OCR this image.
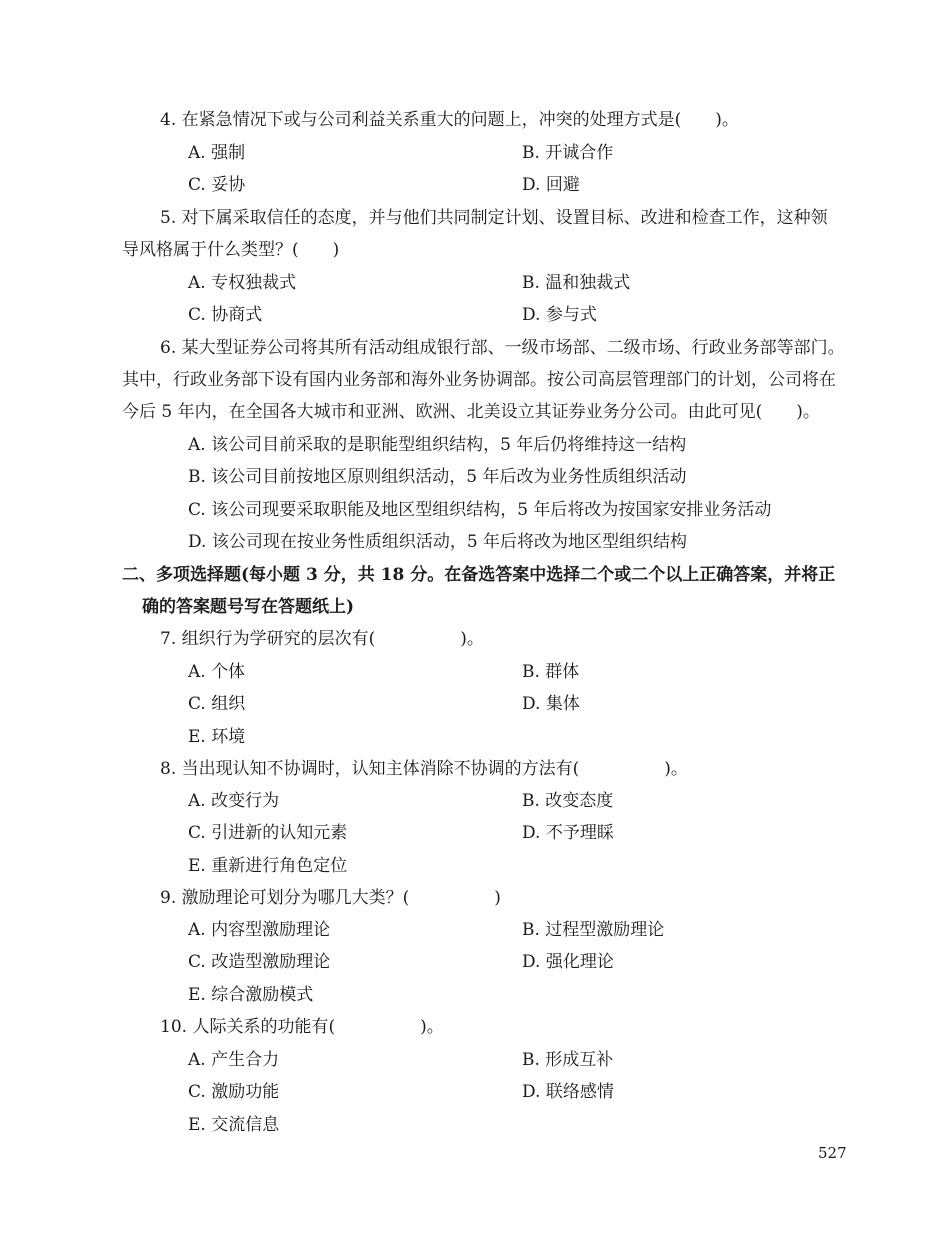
4. 在紧急情况下或与公司利益关系重大的问题上，冲突的处理方式是(　　)。
A. 强制	B. 开诚合作
C. 妥协	D. 回避
5. 对下属采取信任的态度，并与他们共同制定计划、设置目标、改进和检查工作，这种领
导风格属于什么类型？(　　)
A. 专权独裁式	B. 温和独裁式
C. 协商式	D. 参与式
6. 某大型证券公司将其所有活动组成银行部、一级市场部、二级市场、行政业务部等部门。
其中，行政业务部下设有国内业务部和海外业务协调部。按公司高层管理部门的计划，公司将在
今后 5 年内，在全国各大城市和亚洲、欧洲、北美设立其证券业务分公司。由此可见(　　)。
A. 该公司目前采取的是职能型组织结构，5 年后仍将维持这一结构
B. 该公司目前按地区原则组织活动，5 年后改为业务性质组织活动
C. 该公司现要采取职能及地区型组织结构，5 年后将改为按国家安排业务活动
D. 该公司现在按业务性质组织活动，5 年后将改为地区型组织结构
二、多项选择题(每小题 3 分，共 18 分。在备选答案中选择二个或二个以上正确答案，并将正
确的答案题号写在答题纸上)
7. 组织行为学研究的层次有(　　　　　)。
A. 个体	B. 群体
C. 组织	D. 集体
E. 环境
8. 当出现认知不协调时，认知主体消除不协调的方法有(　　　　　)。
A. 改变行为	B. 改变态度
C. 引进新的认知元素	D. 不予理睬
E. 重新进行角色定位
9. 激励理论可划分为哪几大类？(　　　　　)
A. 内容型激励理论	B. 过程型激励理论
C. 改造型激励理论	D. 强化理论
E. 综合激励模式
10. 人际关系的功能有(　　　　　)。
A. 产生合力	B. 形成互补
C. 激励功能	D. 联络感情
E. 交流信息
527
